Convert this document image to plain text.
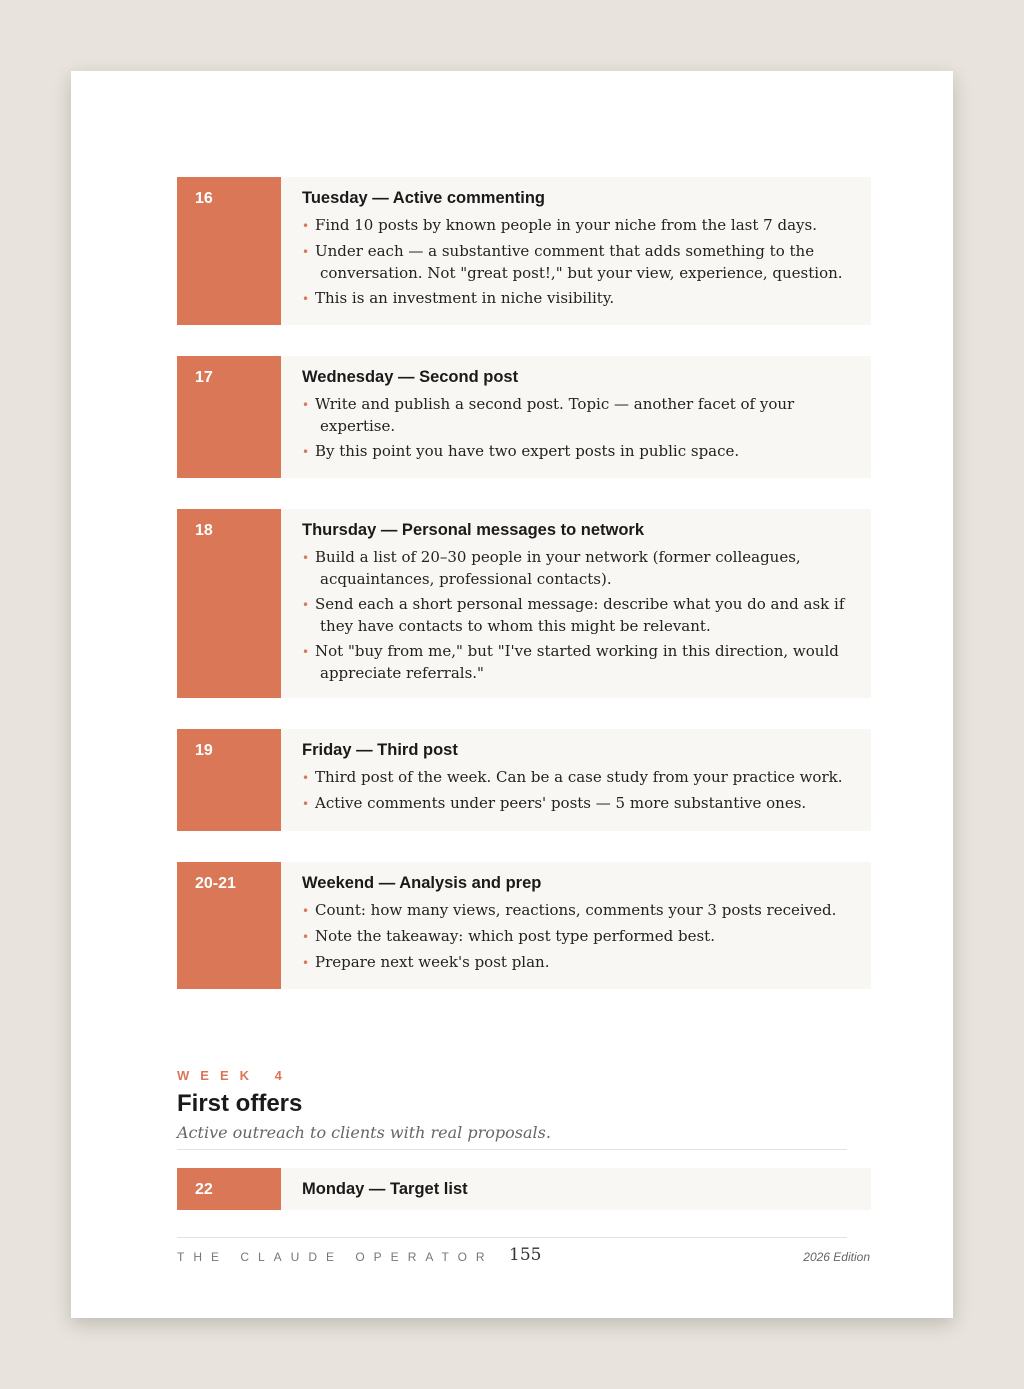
16	Tuesday — Active commenting
• Find 10 posts by known people in your niche from the last 7 days.
• Under each — a substantive comment that adds something to the
conversation. Not "great post!," but your view, experience, question.
• This is an investment in niche visibility.
17	Wednesday — Second post
• Write and publish a second post. Topic — another facet of your
expertise.
• By this point you have two expert posts in public space.
18	Thursday — Personal messages to network
• Build a list of 20–30 people in your network (former colleagues,
acquaintances, professional contacts).
• Send each a short personal message: describe what you do and ask if
they have contacts to whom this might be relevant.
• Not "buy from me," but "I've started working in this direction, would
appreciate referrals."
19	Friday — Third post
• Third post of the week. Can be a case study from your practice work.
• Active comments under peers' posts — 5 more substantive ones.
20-21	Weekend — Analysis and prep
• Count: how many views, reactions, comments your 3 posts received.
• Note the takeaway: which post type performed best.
• Prepare next week's post plan.
WEEK 4
First offers
Active outreach to clients with real proposals.
22	Monday — Target list
THE CLAUDE OPERATOR 155	2026 Edition
